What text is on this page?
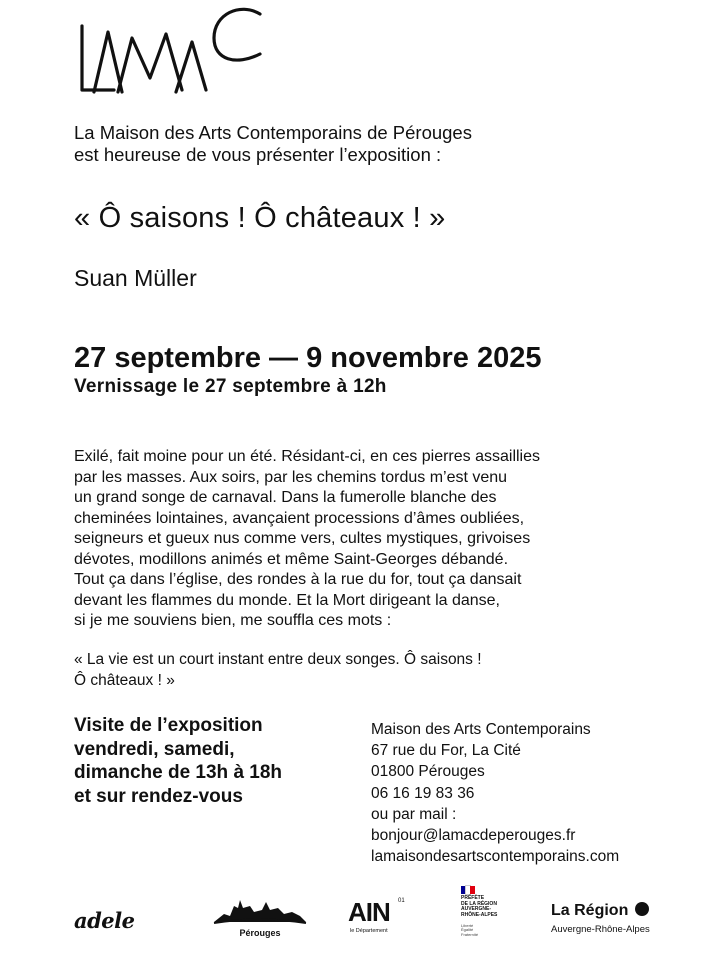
La Maison des Arts Contemporains de Pérouges
est heureuse de vous présenter l’exposition :
« Ô saisons ! Ô châteaux ! »
Suan Müller
27 septembre — 9 novembre 2025
Vernissage le 27 septembre à 12h
Exilé, fait moine pour un été. Résidant-ci, en ces pierres assaillies
par les masses. Aux soirs, par les chemins tordus m’est venu
un grand songe de carnaval. Dans la fumerolle blanche des
cheminées lointaines, avançaient processions d’âmes oubliées,
seigneurs et gueux nus comme vers, cultes mystiques, grivoises
dévotes, modillons animés et même Saint-Georges débandé.
Tout ça dans l’église, des rondes à la rue du for, tout ça dansait
devant les flammes du monde. Et la Mort dirigeant la danse,
si je me souviens bien, me souffla ces mots :
« La vie est un court instant entre deux songes. Ô saisons !
Ô châteaux ! »
Visite de l’exposition
vendredi, samedi,
dimanche de 13h à 18h
et sur rendez-vous
Maison des Arts Contemporains
67 rue du For, La Cité
01800 Pérouges
06 16 19 83 36
ou par mail :
bonjour@lamacdeperouges.fr
lamaisondesartscontemporains.com
adele	Pérouges
AIN 01
le Département
PRÉFÈTE
DE LA RÉGION
AUVERGNE-
RHÔNE-ALPES
Liberté
Égalité
Fraternité
La Région
Auvergne-Rhône-Alpes
